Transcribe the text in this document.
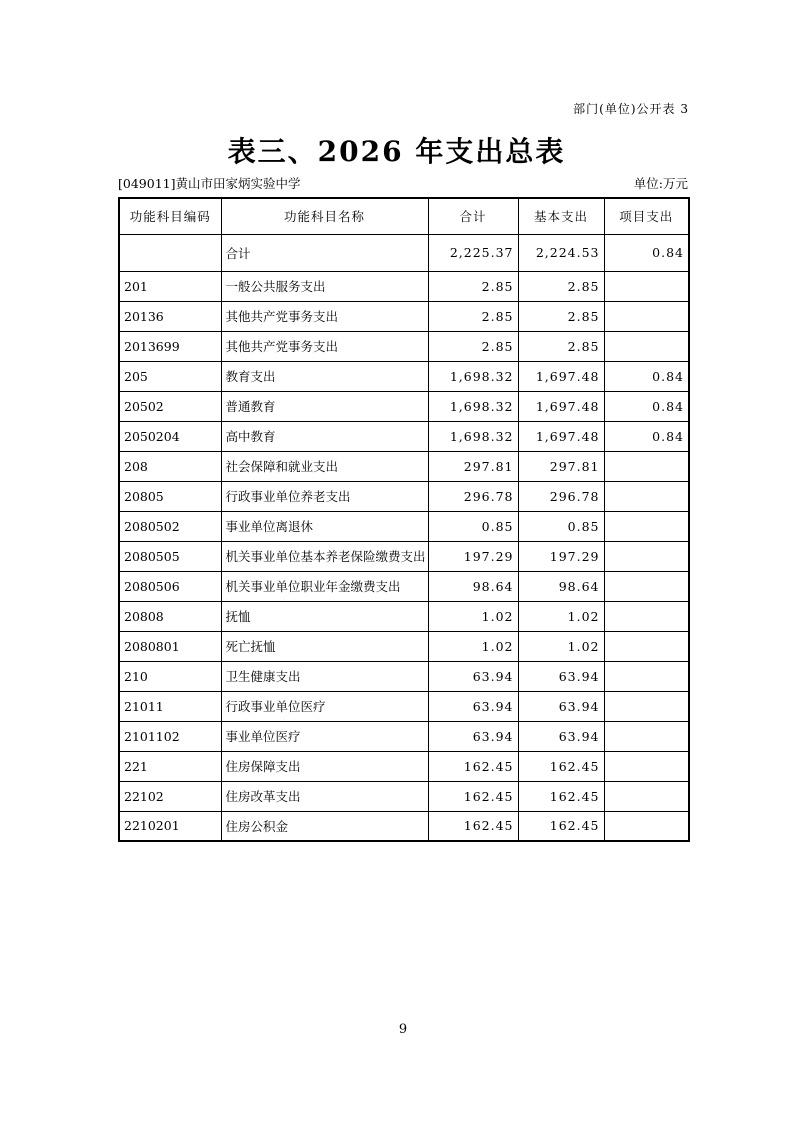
部门(单位)公开表 3
表三、2026 年支出总表
[049011]黄山市田家炳实验中学	单位:万元
功能科目编码	功能科目名称	合计	基本支出	项目支出
	合计	2,225.37	2,224.53	0.84
201	一般公共服务支出	2.85	2.85	
20136	其他共产党事务支出	2.85	2.85	
2013699	其他共产党事务支出	2.85	2.85	
205	教育支出	1,698.32	1,697.48	0.84
20502	普通教育	1,698.32	1,697.48	0.84
2050204	高中教育	1,698.32	1,697.48	0.84
208	社会保障和就业支出	297.81	297.81	
20805	行政事业单位养老支出	296.78	296.78	
2080502	事业单位离退休	0.85	0.85	
2080505	机关事业单位基本养老保险缴费支出	197.29	197.29	
2080506	机关事业单位职业年金缴费支出	98.64	98.64	
20808	抚恤	1.02	1.02	
2080801	死亡抚恤	1.02	1.02	
210	卫生健康支出	63.94	63.94	
21011	行政事业单位医疗	63.94	63.94	
2101102	事业单位医疗	63.94	63.94	
221	住房保障支出	162.45	162.45	
22102	住房改革支出	162.45	162.45	
2210201	住房公积金	162.45	162.45	
9
